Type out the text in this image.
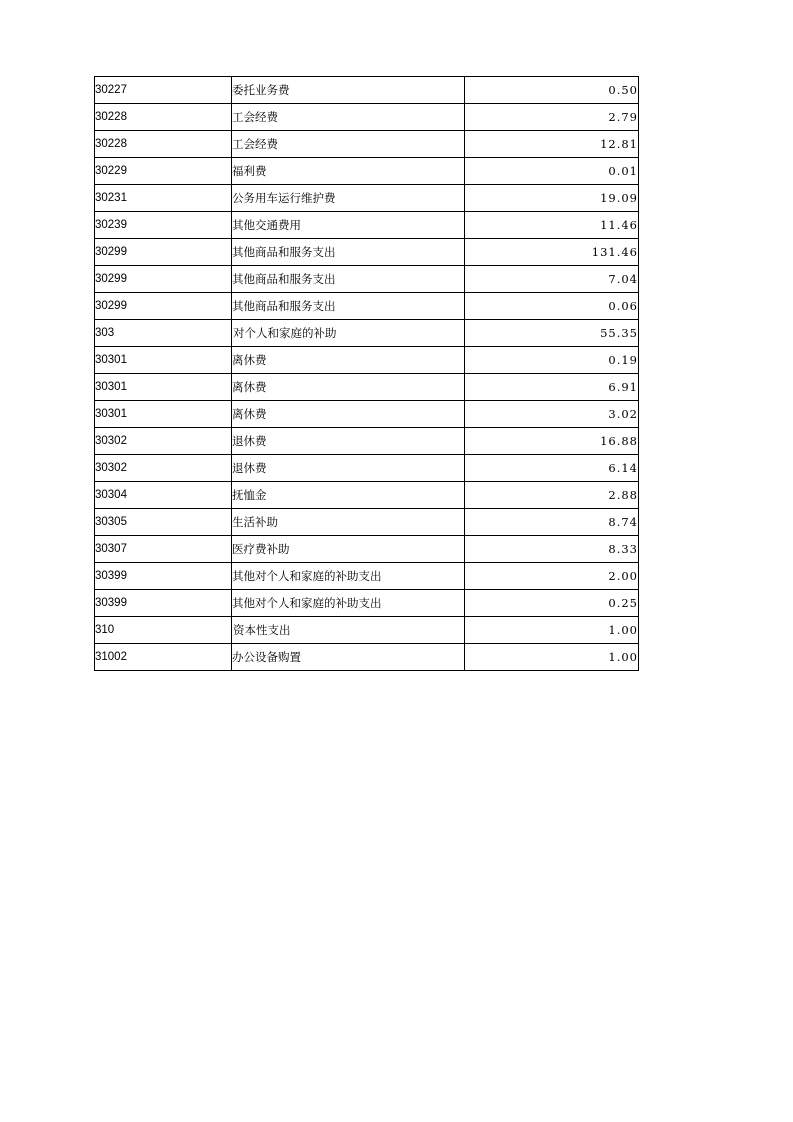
30227	委托业务费	0.50
30228	工会经费	2.79
30228	工会经费	12.81
30229	福利费	0.01
30231	公务用车运行维护费	19.09
30239	其他交通费用	11.46
30299	其他商品和服务支出	131.46
30299	其他商品和服务支出	7.04
30299	其他商品和服务支出	0.06
303	对个人和家庭的补助	55.35
30301	离休费	0.19
30301	离休费	6.91
30301	离休费	3.02
30302	退休费	16.88
30302	退休费	6.14
30304	抚恤金	2.88
30305	生活补助	8.74
30307	医疗费补助	8.33
30399	其他对个人和家庭的补助支出	2.00
30399	其他对个人和家庭的补助支出	0.25
310	资本性支出	1.00
31002	办公设备购置	1.00
